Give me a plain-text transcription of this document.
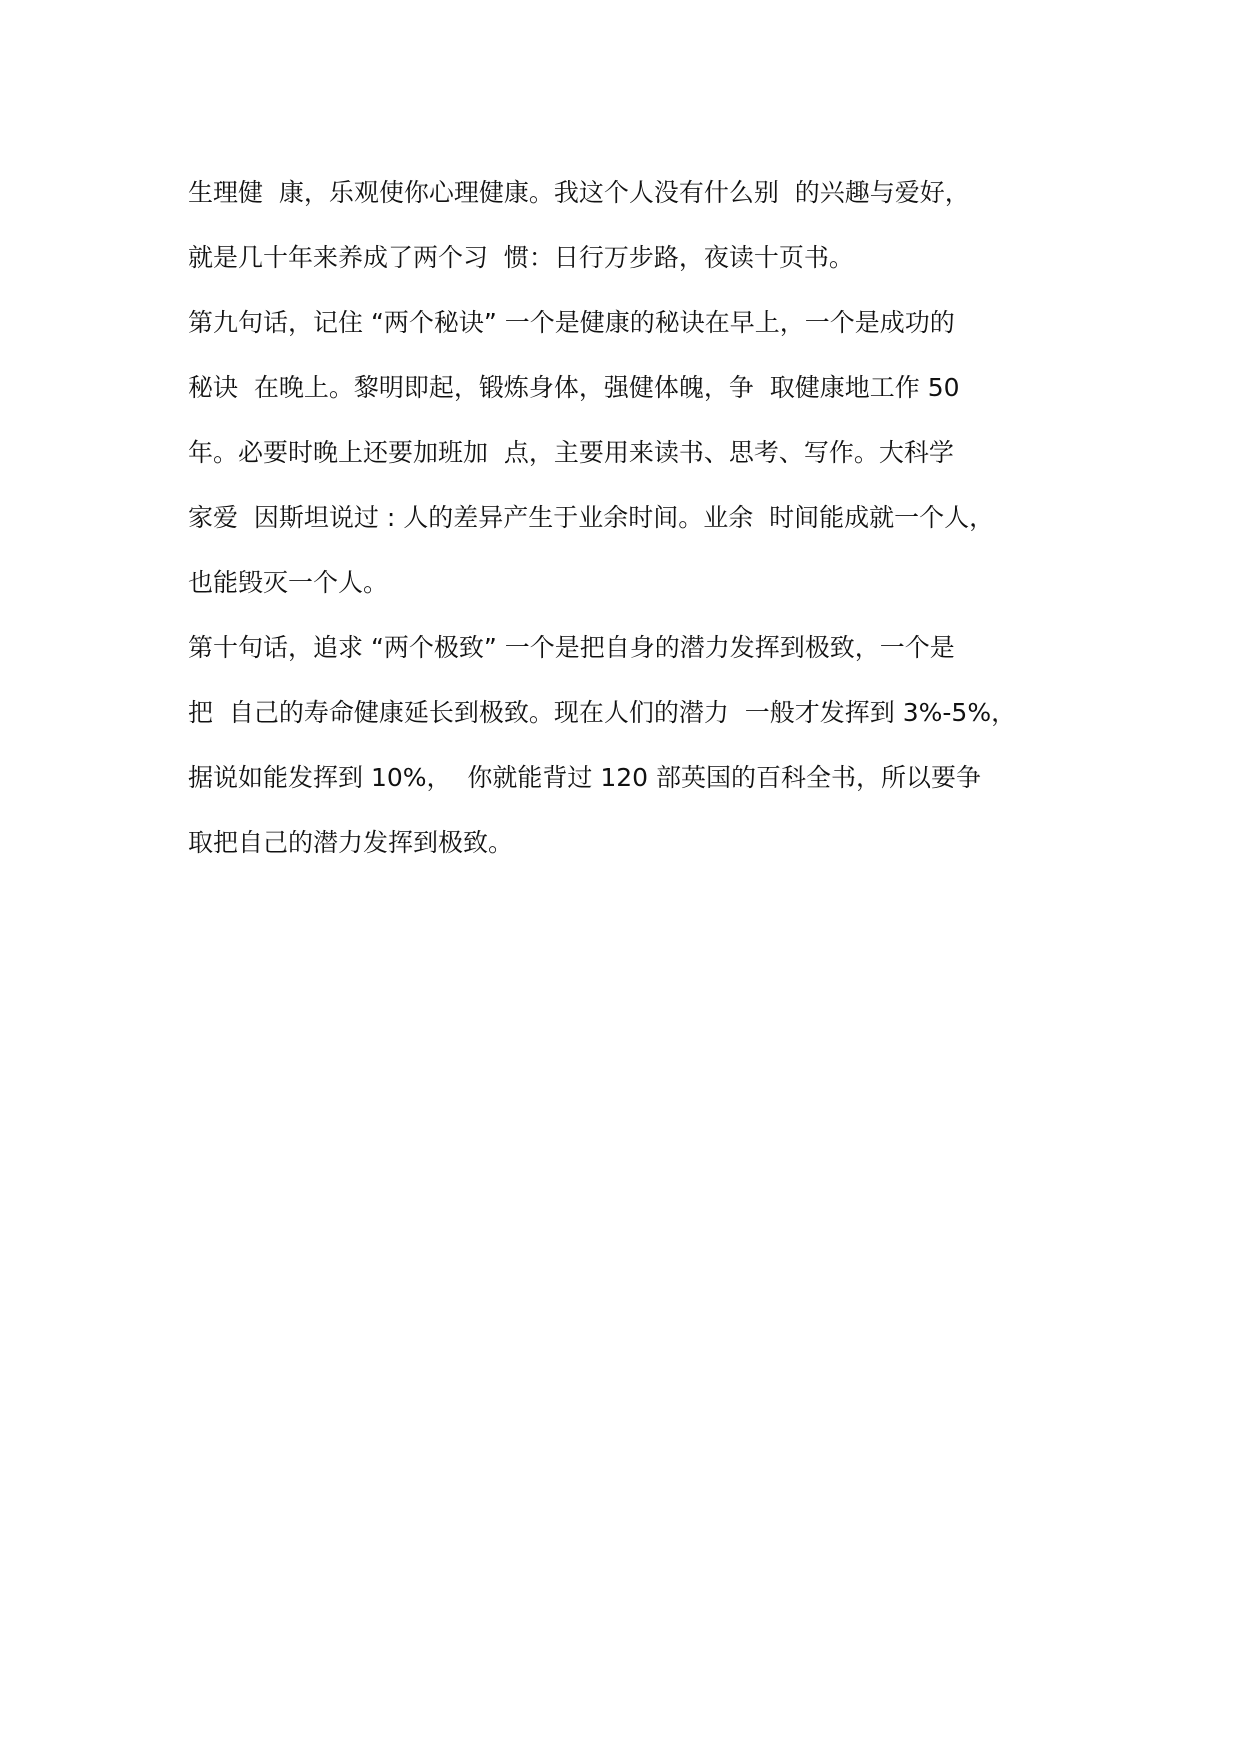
生理健  康，乐观使你心理健康。我这个人没有什么别  的兴趣与爱好，
就是几十年来养成了两个习  惯：日行万步路，夜读十页书。
第九句话，记住 “两个秘诀” 一个是健康的秘诀在早上，一个是成功的
秘诀  在晚上。黎明即起，锻炼身体，强健体魄，争  取健康地工作 50
年。必要时晚上还要加班加  点，主要用来读书、思考、写作。大科学
家爱  因斯坦说过 : 人的差异产生于业余时间。业余  时间能成就一个人，
也能毁灭一个人。
第十句话，追求 “两个极致” 一个是把自身的潜力发挥到极致，一个是
把  自己的寿命健康延长到极致。现在人们的潜力  一般才发挥到 3%-5%，
据说如能发挥到 10%，  你就能背过 120 部英国的百科全书，所以要争
取把自己的潜力发挥到极致。
